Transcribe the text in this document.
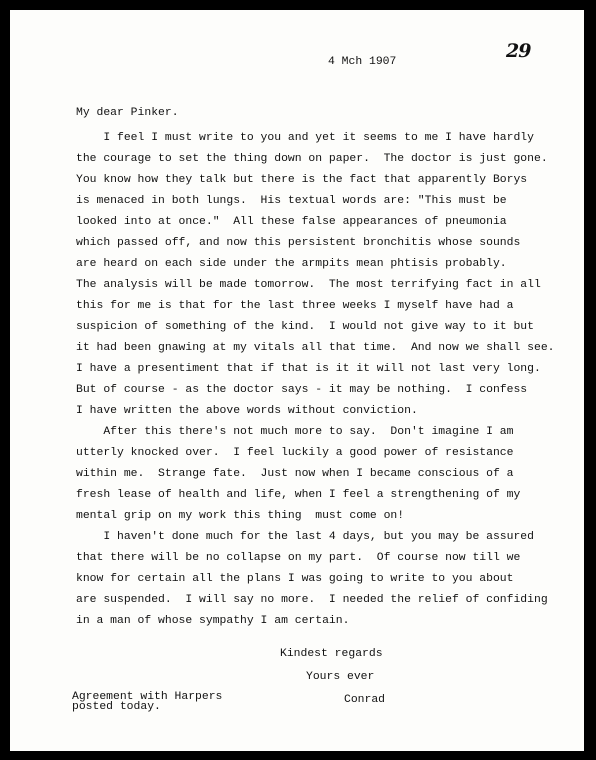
29
4 Mch 1907
My dear Pinker.
I feel I must write to you and yet it seems to me I have hardly
the courage to set the thing down on paper.  The doctor is just gone.
You know how they talk but there is the fact that apparently Borys
is menaced in both lungs.  His textual words are: "This must be
looked into at once."  All these false appearances of pneumonia
which passed off, and now this persistent bronchitis whose sounds
are heard on each side under the armpits mean phtisis probably.
The analysis will be made tomorrow.  The most terrifying fact in all
this for me is that for the last three weeks I myself have had a
suspicion of something of the kind.  I would not give way to it but
it had been gnawing at my vitals all that time.  And now we shall see.
I have a presentiment that if that is it it will not last very long.
But of course - as the doctor says - it may be nothing.  I confess
I have written the above words without conviction.
After this there's not much more to say.  Don't imagine I am
utterly knocked over.  I feel luckily a good power of resistance
within me.  Strange fate.  Just now when I became conscious of a
fresh lease of health and life, when I feel a strengthening of my
mental grip on my work this thing  must come on!
I haven't done much for the last 4 days, but you may be assured
that there will be no collapse on my part.  Of course now till we
know for certain all the plans I was going to write to you about
are suspended.  I will say no more.  I needed the relief of confiding
in a man of whose sympathy I am certain.
Kindest regards
Yours ever
Conrad
Agreement with Harpers
posted today.
